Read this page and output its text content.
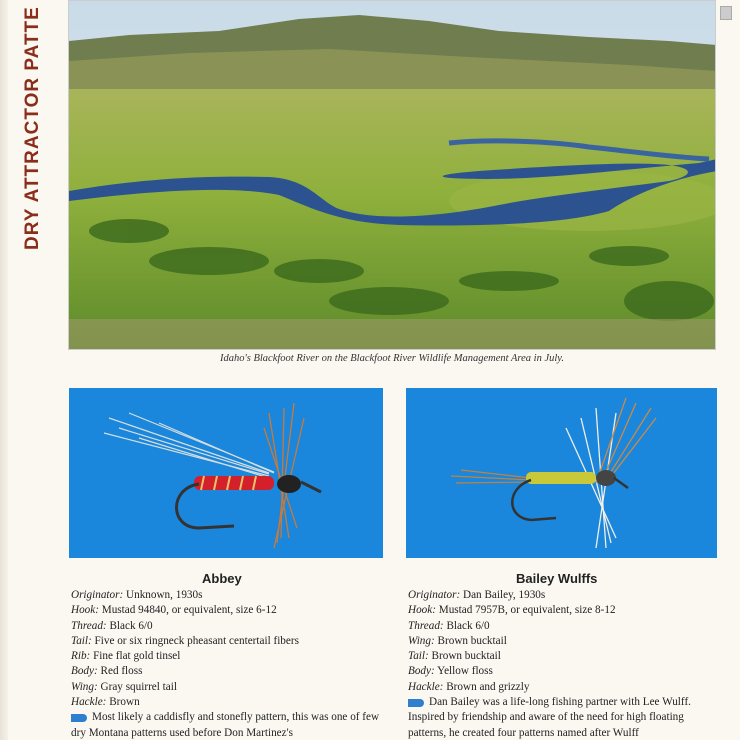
DRY ATTRACTOR PATTE
Idaho's Blackfoot River on the Blackfoot River Wildlife Management Area in July.
Abbey	Bailey Wulffs
Originator: Unknown, 1930s
Hook: Mustad 94840, or equivalent, size 6-12
Thread: Black 6/0
Tail: Five or six ringneck pheasant centertail fibers
Rib: Fine flat gold tinsel
Body: Red floss
Wing: Gray squirrel tail
Hackle: Brown
Most likely a caddisfly and stonefly pattern, this was one of few dry Montana patterns used before Don Martinez's
Originator: Dan Bailey, 1930s
Hook: Mustad 7957B, or equivalent, size 8-12
Thread: Black 6/0
Wing: Brown bucktail
Tail: Brown bucktail
Body: Yellow floss
Hackle: Brown and grizzly
Dan Bailey was a life-long fishing partner with Lee Wulff. Inspired by friendship and aware of the need for high floating patterns, he created four patterns named after Wulff
